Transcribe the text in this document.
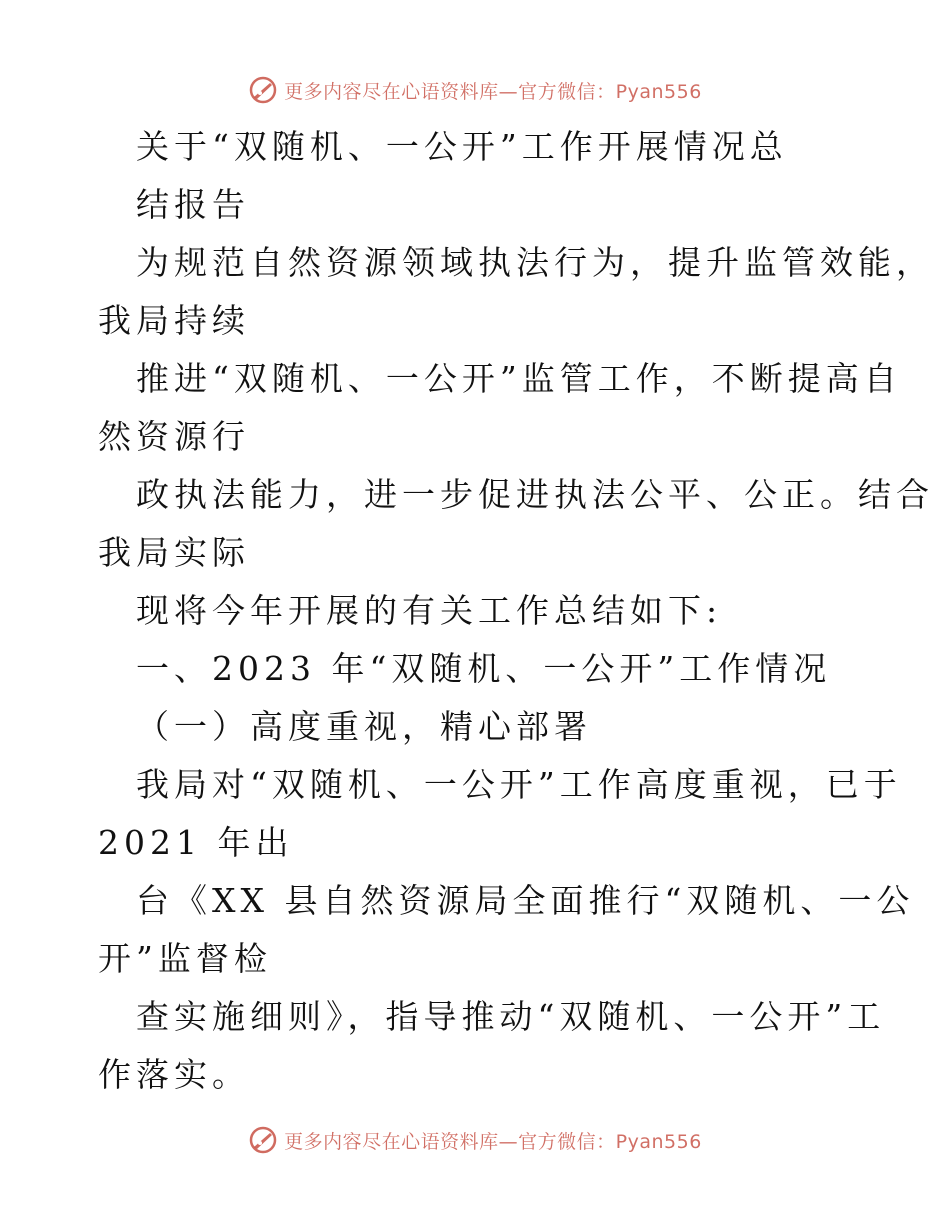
更多内容尽在心语资料库—官方微信：Pyan556
关于“双随机、一公开”工作开展情况总
结报告
为规范自然资源领域执法行为，提升监管效能，
我局持续
推进“双随机、一公开”监管工作，不断提高自
然资源行
政执法能力，进一步促进执法公平、公正。结合
我局实际
现将今年开展的有关工作总结如下:
一、2023 年“双随机、一公开”工作情况
（一）高度重视，精心部署
我局对“双随机、一公开”工作高度重视，已于
2021 年出
台《XX 县自然资源局全面推行“双随机、一公
开”监督检
查实施细则》，指导推动“双随机、一公开”工
作落实。
更多内容尽在心语资料库—官方微信：Pyan556
